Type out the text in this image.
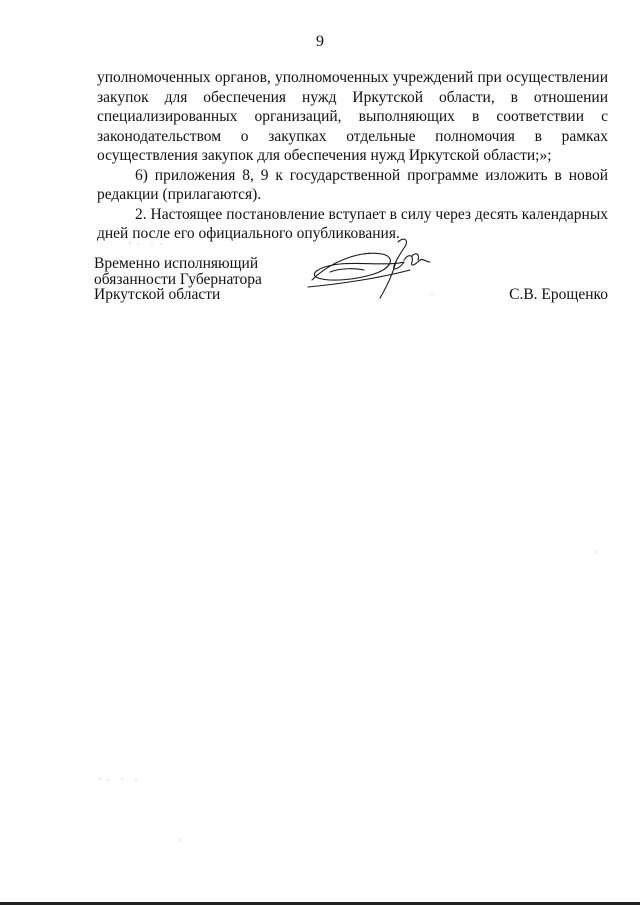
9

уполномоченных органов, уполномоченных учреждений при осуществлении закупок для обеспечения нужд Иркутской области, в отношении специализированных организаций, выполняющих в соответствии с законодательством о закупках отдельные полномочия в рамках осуществления закупок для обеспечения нужд Иркутской области;»;

6) приложения 8, 9 к государственной программе изложить в новой редакции (прилагаются).

2. Настоящее постановление вступает в силу через десять календарных дней после его официального опубликования.

Временно исполняющий
обязанности Губернатора
Иркутской области	С.В. Ерощенко
